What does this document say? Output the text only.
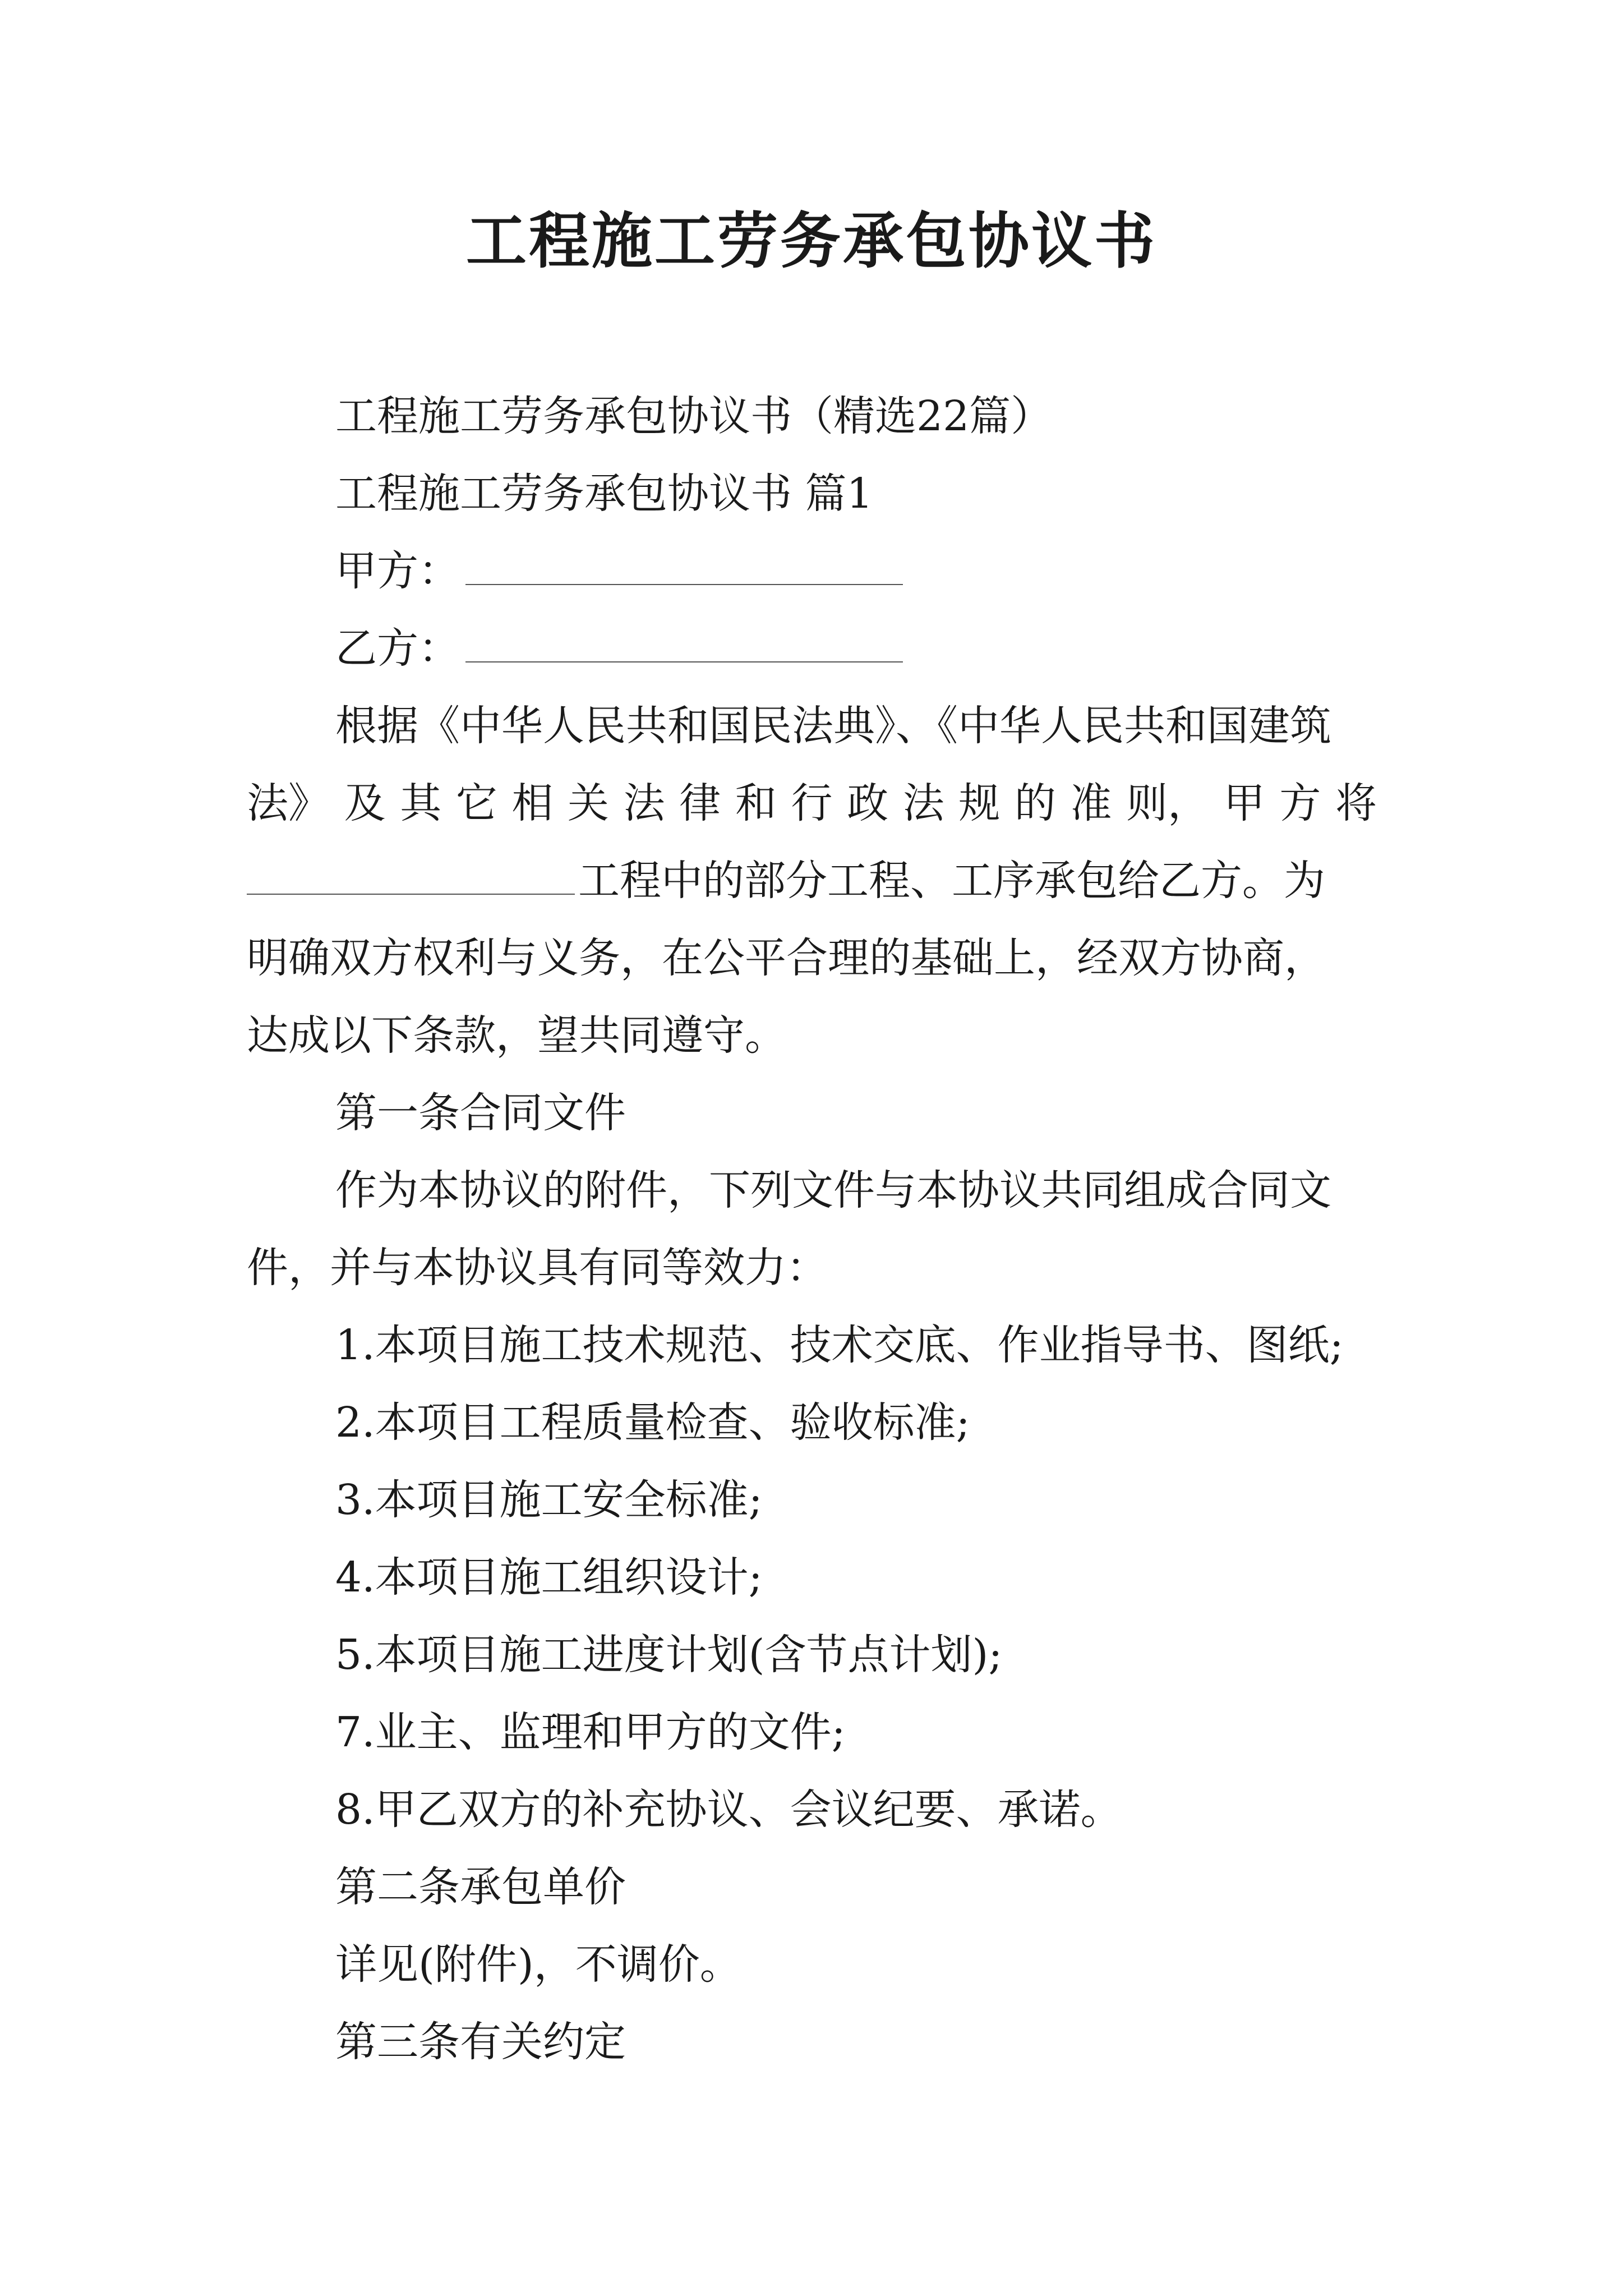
工程施工劳务承包协议书
工程施工劳务承包协议书（精选22篇）
工程施工劳务承包协议书 篇1
甲方：
乙方：
根据《中华人民共和国民法典》、《中华人民共和国建筑
法》 及 其 它 相 关 法 律 和 行 政 法 规 的 准 则， 甲 方 将
工程中的部分工程、工序承包给乙方。为
明确双方权利与义务，在公平合理的基础上，经双方协商，
达成以下条款，望共同遵守。
第一条合同文件
作为本协议的附件，下列文件与本协议共同组成合同文
件，并与本协议具有同等效力：
1.本项目施工技术规范、技术交底、作业指导书、图纸;
2.本项目工程质量检查、验收标准;
3.本项目施工安全标准;
4.本项目施工组织设计;
5.本项目施工进度计划(含节点计划);
7.业主、监理和甲方的文件;
8.甲乙双方的补充协议、会议纪要、承诺。
第二条承包单价
详见(附件)，不调价。
第三条有关约定
